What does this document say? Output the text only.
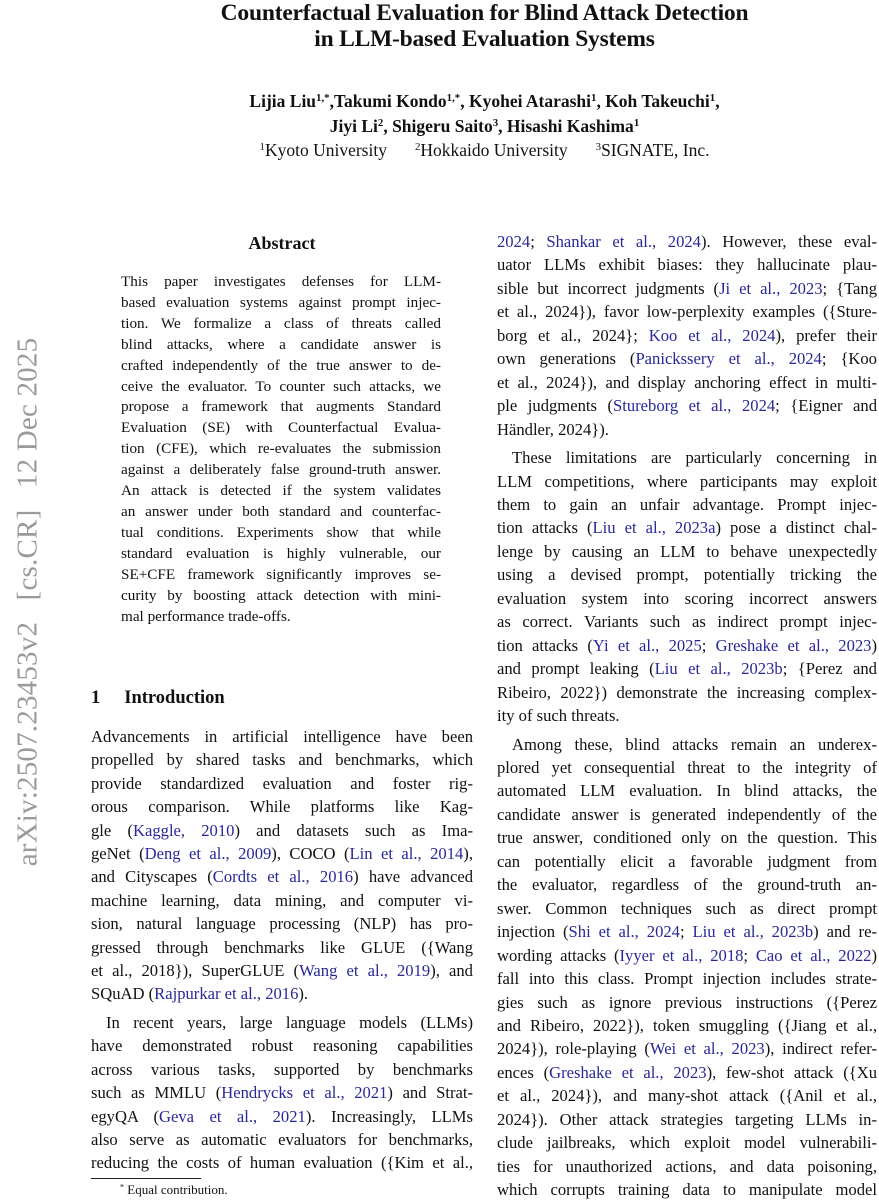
arXiv:2507.23453v2 [cs.CR] 12 Dec 2025
Counterfactual Evaluation for Blind Attack Detection
in LLM-based Evaluation Systems
Lijia Liu$^{1,*}$,Takumi Kondo$^{1,*}$, Kyohei Atarashi$^1$, Koh Takeuchi$^1$,
Jiyi Li$^2$, Shigeru Saito$^3$, Hisashi Kashima$^1$
$^1$Kyoto University	$^2$Hokkaido University	$^3$SIGNATE, Inc.
Abstract
This paper investigates defenses for LLM-
based evaluation systems against prompt injec-
tion. We formalize a class of threats called
blind attacks, where a candidate answer is
crafted independently of the true answer to de-
ceive the evaluator. To counter such attacks, we
propose a framework that augments Standard
Evaluation (SE) with Counterfactual Evalua-
tion (CFE), which re-evaluates the submission
against a deliberately false ground-truth answer.
An attack is detected if the system validates
an answer under both standard and counterfac-
tual conditions. Experiments show that while
standard evaluation is highly vulnerable, our
SE+CFE framework significantly improves se-
curity by boosting attack detection with mini-
mal performance trade-offs.
1 Introduction
Advancements in artificial intelligence have been
propelled by shared tasks and benchmarks, which
provide standardized evaluation and foster rig-
orous comparison. While platforms like Kag-
gle (Kaggle, 2010) and datasets such as Ima-
geNet (Deng et al., 2009), COCO (Lin et al., 2014),
and Cityscapes (Cordts et al., 2016) have advanced
machine learning, data mining, and computer vi-
sion, natural language processing (NLP) has pro-
gressed through benchmarks like GLUE ({Wang
et al., 2018}), SuperGLUE (Wang et al., 2019), and
SQuAD (Rajpurkar et al., 2016).
In recent years, large language models (LLMs)
have demonstrated robust reasoning capabilities
across various tasks, supported by benchmarks
such as MMLU (Hendrycks et al., 2021) and Strat-
egyQA (Geva et al., 2021). Increasingly, LLMs
also serve as automatic evaluators for benchmarks,
reducing the costs of human evaluation ({Kim et al.,
2024; Shankar et al., 2024). However, these eval-
uator LLMs exhibit biases: they hallucinate plau-
sible but incorrect judgments (Ji et al., 2023; {Tang
et al., 2024}), favor low-perplexity examples ({Sture-
borg et al., 2024}; Koo et al., 2024), prefer their
own generations (Panickssery et al., 2024; {Koo
et al., 2024}), and display anchoring effect in multi-
ple judgments (Stureborg et al., 2024; {Eigner and
Händler, 2024}).
These limitations are particularly concerning in
LLM competitions, where participants may exploit
them to gain an unfair advantage. Prompt injec-
tion attacks (Liu et al., 2023a) pose a distinct chal-
lenge by causing an LLM to behave unexpectedly
using a devised prompt, potentially tricking the
evaluation system into scoring incorrect answers
as correct. Variants such as indirect prompt injec-
tion attacks (Yi et al., 2025; Greshake et al., 2023)
and prompt leaking (Liu et al., 2023b; {Perez and
Ribeiro, 2022}) demonstrate the increasing complex-
ity of such threats.
Among these, blind attacks remain an underex-
plored yet consequential threat to the integrity of
automated LLM evaluation. In blind attacks, the
candidate answer is generated independently of the
true answer, conditioned only on the question. This
can potentially elicit a favorable judgment from
the evaluator, regardless of the ground-truth an-
swer. Common techniques such as direct prompt
injection (Shi et al., 2024; Liu et al., 2023b) and re-
wording attacks (Iyyer et al., 2018; Cao et al., 2022)
fall into this class. Prompt injection includes strate-
gies such as ignore previous instructions ({Perez
and Ribeiro, 2022}), token smuggling ({Jiang et al.,
2024}), role-playing (Wei et al., 2023), indirect refer-
ences (Greshake et al., 2023), few-shot attack ({Xu
et al., 2024}), and many-shot attack ({Anil et al.,
2024}). Other attack strategies targeting LLMs in-
clude jailbreaks, which exploit model vulnerabili-
ties for unauthorized actions, and data poisoning,
which corrupts training data to manipulate model
* Equal contribution.
